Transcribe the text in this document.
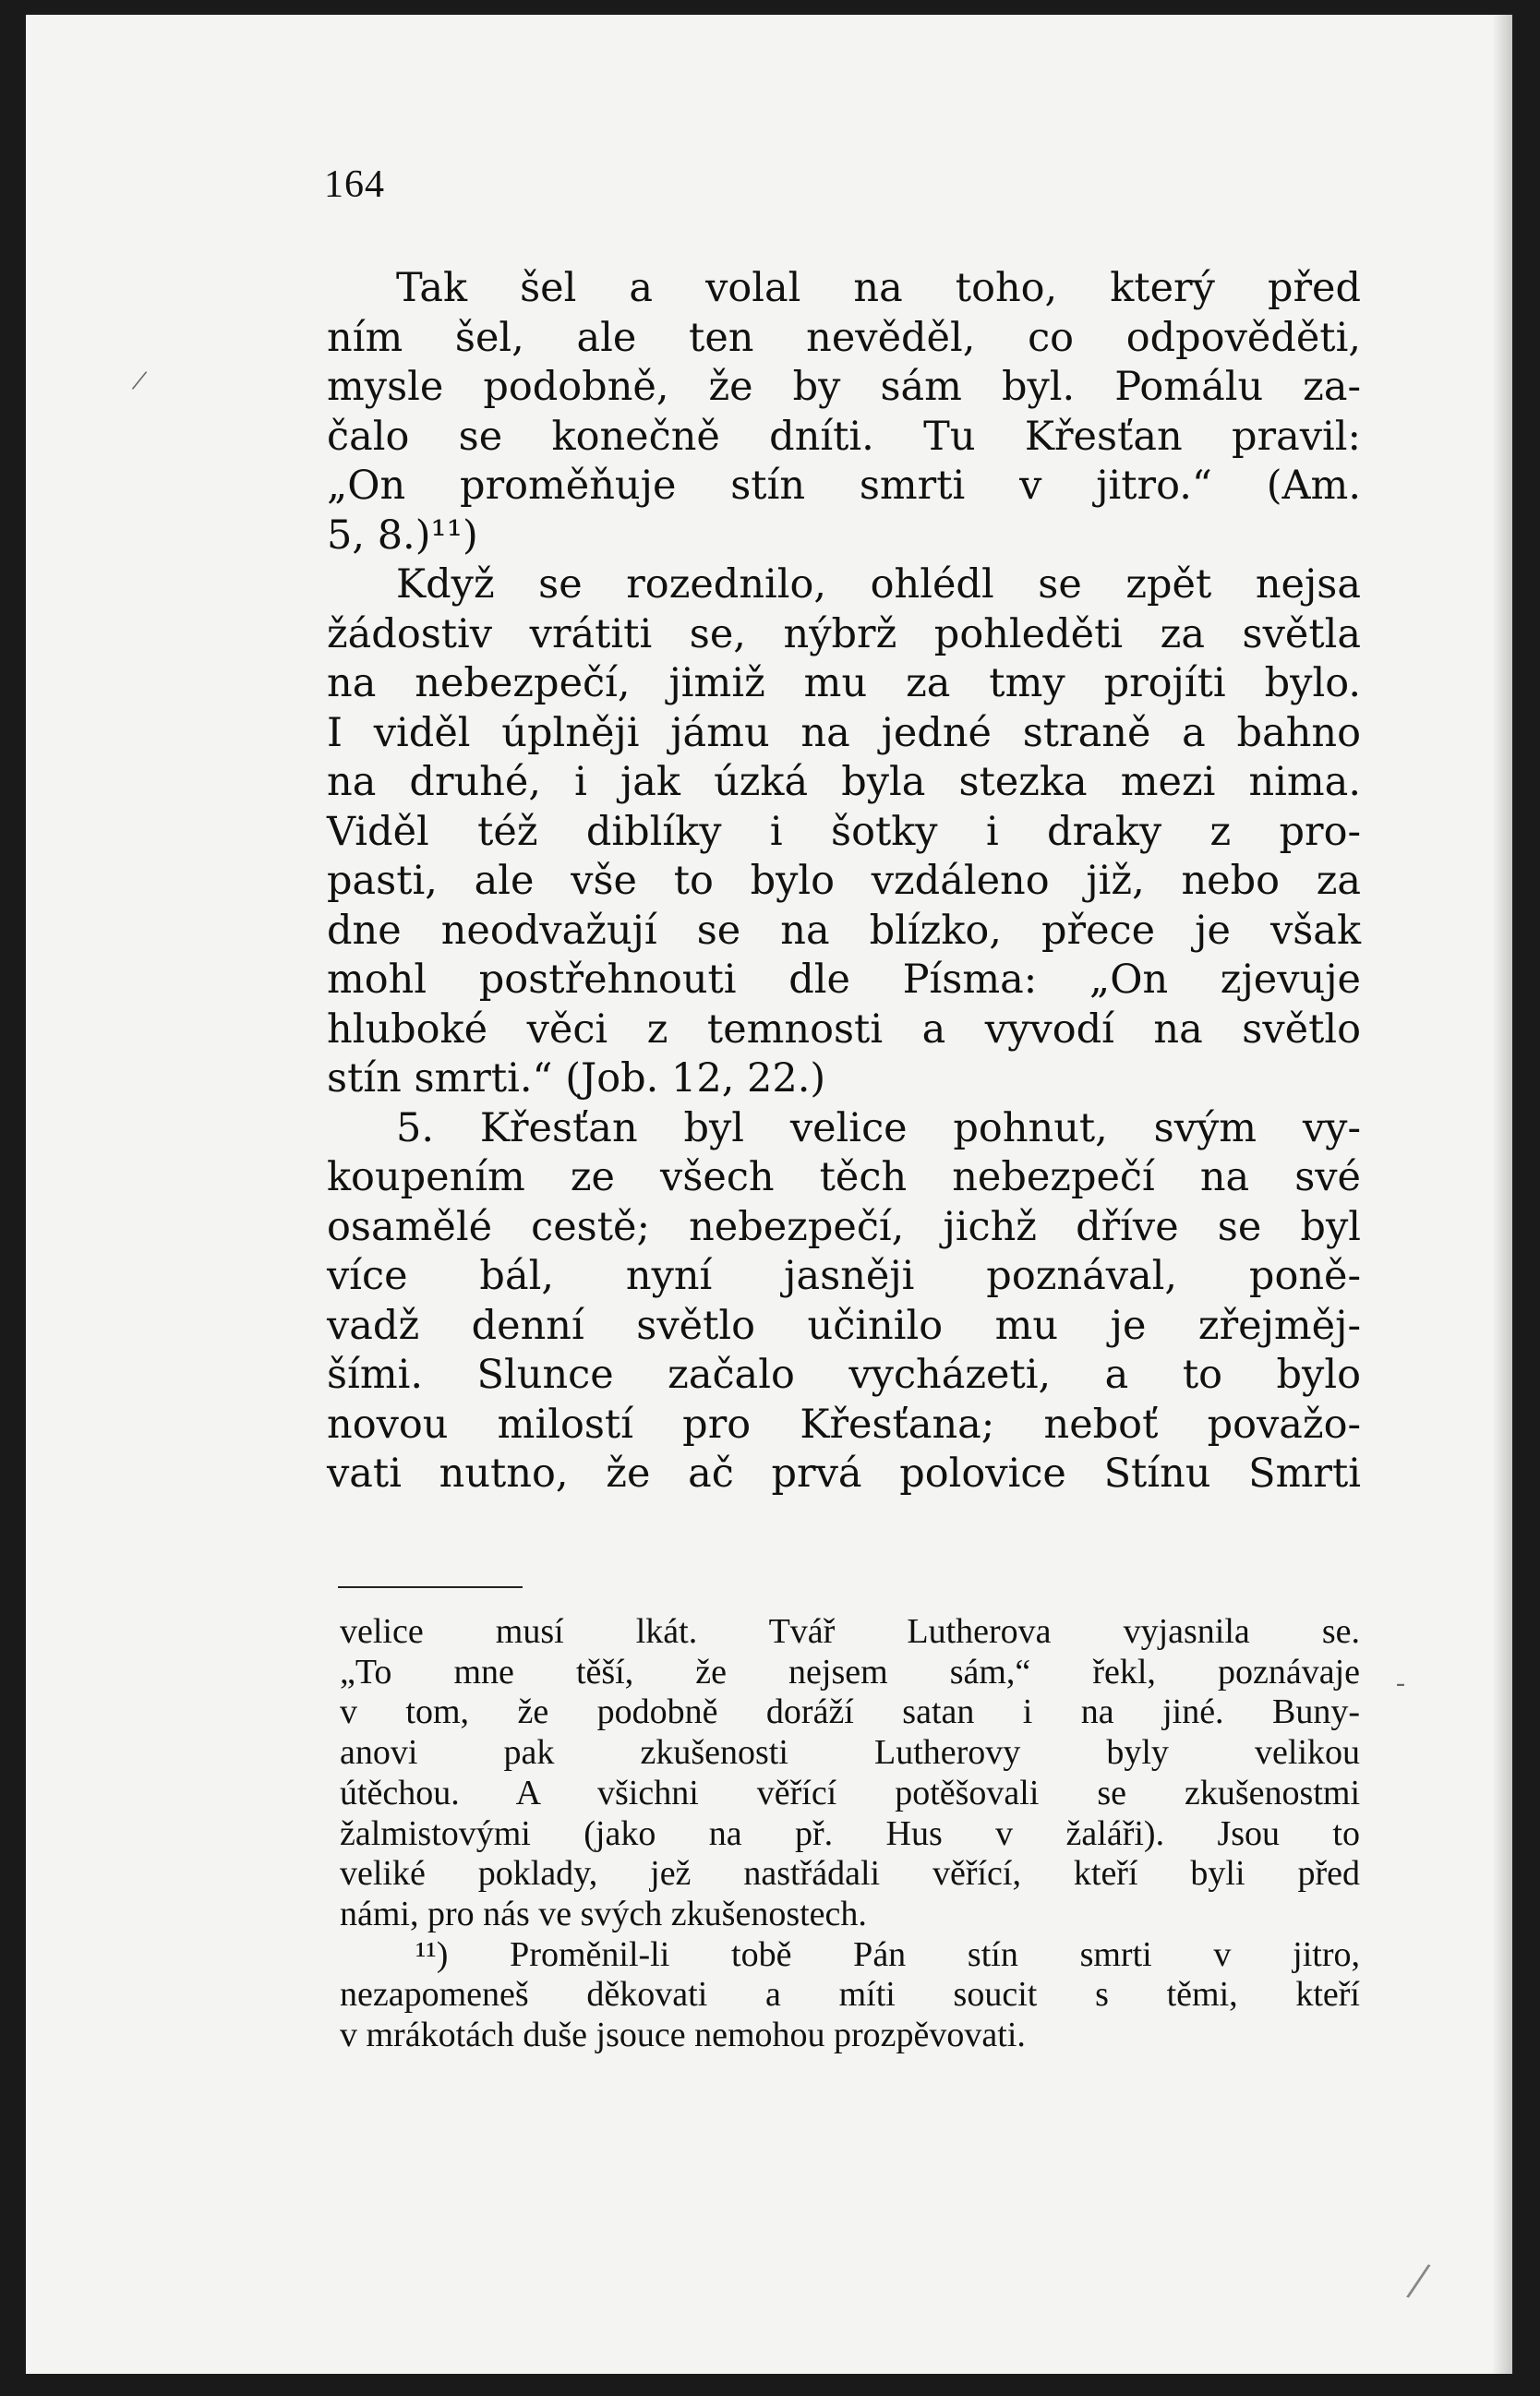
164
/
-
/
Tak šel a volal na toho, který před
ním šel, ale ten nevěděl, co odpověděti,
mysle podobně, že by sám byl. Pomálu za-
čalo se konečně dníti. Tu Křesťan pravil:
„On proměňuje stín smrti v jitro.“ (Am.
5, 8.)¹¹)
Když se rozednilo, ohlédl se zpět nejsa
žádostiv vrátiti se, nýbrž pohleděti za světla
na nebezpečí, jimiž mu za tmy projíti bylo.
I viděl úplněji jámu na jedné straně a bahno
na druhé, i jak úzká byla stezka mezi nima.
Viděl též diblíky i šotky i draky z pro-
pasti, ale vše to bylo vzdáleno již, nebo za
dne neodvažují se na blízko, přece je však
mohl postřehnouti dle Písma: „On zjevuje
hluboké věci z temnosti a vyvodí na světlo
stín smrti.“ (Job. 12, 22.)
5. Křesťan byl velice pohnut, svým vy-
koupením ze všech těch nebezpečí na své
osamělé cestě; nebezpečí, jichž dříve se byl
více bál, nyní jasněji poznával, poně-
vadž denní světlo učinilo mu je zřejměj-
šími. Slunce začalo vycházeti, a to bylo
novou milostí pro Křesťana; neboť považo-
vati nutno, že ač prvá polovice Stínu Smrti
velice musí lkát. Tvář Lutherova vyjasnila se.
„To mne těší, že nejsem sám,“ řekl, poznávaje
v tom, že podobně doráží satan i na jiné. Buny-
anovi pak zkušenosti Lutherovy byly velikou
útěchou. A všichni věřící potěšovali se zkušenostmi
žalmistovými (jako na př. Hus v žaláři). Jsou to
veliké poklady, jež nastřádali věřící, kteří byli před
námi, pro nás ve svých zkušenostech.
¹¹) Proměnil-li tobě Pán stín smrti v jitro,
nezapomeneš děkovati a míti soucit s těmi, kteří
v mrákotách duše jsouce nemohou prozpěvovati.
